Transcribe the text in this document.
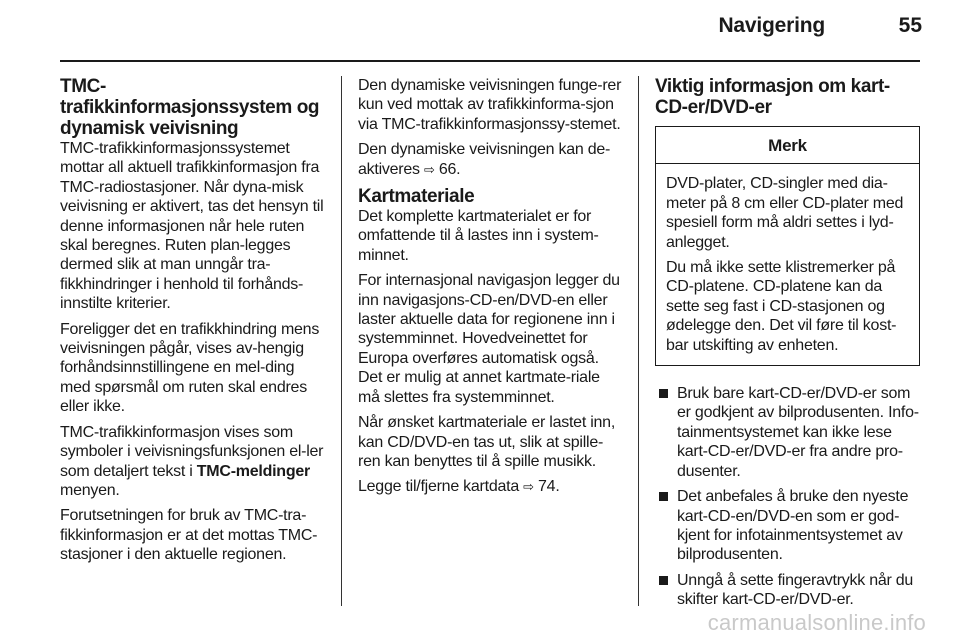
Navigering	55
TMC-trafikkinformasjonssystem og dynamisk veivisning

TMC-trafikkinformasjonssystemet mottar all aktuell trafikkinformasjon fra TMC-radiostasjoner. Når dyna-misk veivisning er aktivert, tas det hensyn til denne informasjonen når hele ruten skal beregnes. Ruten plan-legges dermed slik at man unngår tra-fikkhindringer i henhold til forhånds-innstilte kriterier.

Foreligger det en trafikkhindring mens veivisningen pågår, vises av-hengig forhåndsinnstillingene en mel-ding med spørsmål om ruten skal endres eller ikke.

TMC-trafikkinformasjon vises som symboler i veivisningsfunksjonen el-ler som detaljert tekst i TMC-meldinger menyen.

Forutsetningen for bruk av TMC-tra-fikkinformasjon er at det mottas TMC-stasjoner i den aktuelle regionen.

Den dynamiske veivisningen funge-rer kun ved mottak av trafikkinforma-sjon via TMC-trafikkinformasjonssy-stemet.

Den dynamiske veivisningen kan de-aktiveres ⇨ 66.

Kartmateriale

Det komplette kartmaterialet er for omfattende til å lastes inn i system-minnet.

For internasjonal navigasjon legger du inn navigasjons-CD-en/DVD-en eller laster aktuelle data for regionene inn i systemminnet. Hovedveinettet for Europa overføres automatisk også. Det er mulig at annet kartmate-riale må slettes fra systemminnet.

Når ønsket kartmateriale er lastet inn, kan CD/DVD-en tas ut, slik at spille-ren kan benyttes til å spille musikk.

Legge til/fjerne kartdata ⇨ 74.

Viktig informasjon om kart-CD-er/DVD-er
Merk

DVD-plater, CD-singler med dia-meter på 8 cm eller CD-plater med spesiell form må aldri settes i lyd-anlegget.

Du må ikke sette klistremerker på CD-platene. CD-platene kan da sette seg fast i CD-stasjonen og ødelegge den. Det vil føre til kost-bar utskifting av enheten.

Bruk bare kart-CD-er/DVD-er som er godkjent av bilprodusenten. Info-tainmentsystemet kan ikke lese kart-CD-er/DVD-er fra andre pro-dusenter.
Det anbefales å bruke den nyeste kart-CD-en/DVD-en som er god-kjent for infotainmentsystemet av bilprodusenten.
Unngå å sette fingeravtrykk når du skifter kart-CD-er/DVD-er.
carmanualsonline.info
